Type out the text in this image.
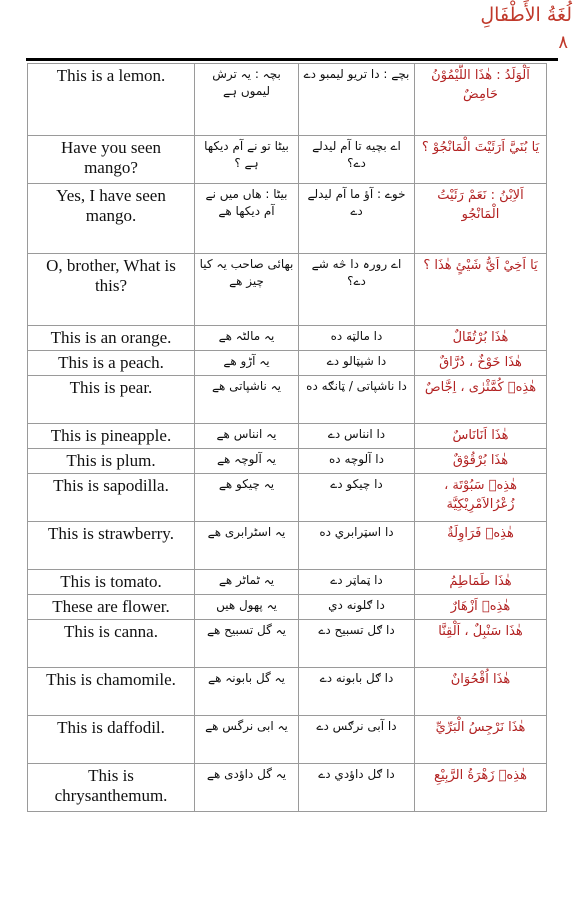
لُغَةُ الأَطْفَالِ
٨
This is a lemon.	بچہ : یہ ترش لیموں ہے	بچے : دا تریو لیمبو دے	اَلْوَلَدُ : هٰذَا اللَّيْمُوْنُ حَامِضٌ
Have you seen mango?	بیٹا تو نے آم دیکھا ہے ؟	اے بچیه تا آم لیدلے دے؟	يَا بُنَيَّ اَرَئَيْتَ الْمَانْجُوْ ؟
Yes, I have seen mango.	بیٹا : ھاں میں نے آم دیکھا ھے	خوے : آؤ ما آم لیدلے دے	اَلاِبْنُ : نَعَمْ رَئَيْتُ الْمَانْجُو
O, brother, What is this?	بھائی صاحب یہ کیا چیز ھے	اے رورہ دا څه شے دے؟	يَا اَخِيْ اَيُّ شَيْئٍ هٰذَا ؟
This is an orange.	یہ مالٹہ ھے	دا مالټه ده	هٰذَا بُرْتُقَالٌ
This is a peach.	یہ آڑو ھے	دا شپټالو دے	هٰذَا خَوْخٌ ، دُرَّاقٌ
This is pear.	یہ ناشپاتی ھے	دا ناشپاتی / ټانګه ده	هٰذِهٖ كُمَّثْرٰى ، اِجَّاصٌ
This is pineapple.	یہ انناس ھے	دا انناس دے	هٰذَا اَنَانَاسٌ
This is plum.	یہ آلوچہ ھے	دا آلوچه ده	هٰذَا بُرْقُوْقٌ
This is sapodilla.	یہ چیکو ھے	دا چیکو دے	هٰذِهٖ سَبُوْتَة ، زُعْرُالاَمْرِيْكِيَّة
This is strawberry.	یہ اسٹرابری ھے	دا اسټرابري ده	هٰذِهٖ فَرَاوِلَةٌ
This is tomato.	یہ ٹماٹر ھے	دا ټماټر دے	هٰذَا طَمَاطِمُ
These are flower.	یہ پھول ھیں	دا ګلونه دي	هٰذِهٖ اَزْهَارٌ
This is canna.	یہ گل تسبیح ھے	دا ګل تسبیح دے	هٰذَا سَنْبِلٌ ، اَلْقِنَّا
This is chamomile.	یہ گل بابونہ ھے	دا ګل بابونه دے	هٰذَا اُقْحُوَانٌ
This is daffodil.	یہ ابی نرگس ھے	دا آبی نرګس دے	هٰذَا نَرْجِسُ الْبَرِّيِّ
This is chrysanthemum.	یہ گل داؤدی ھے	دا ګل داؤدي دے	هٰذِهٖ زَهْرَةُ الرَّبِيْعِ
